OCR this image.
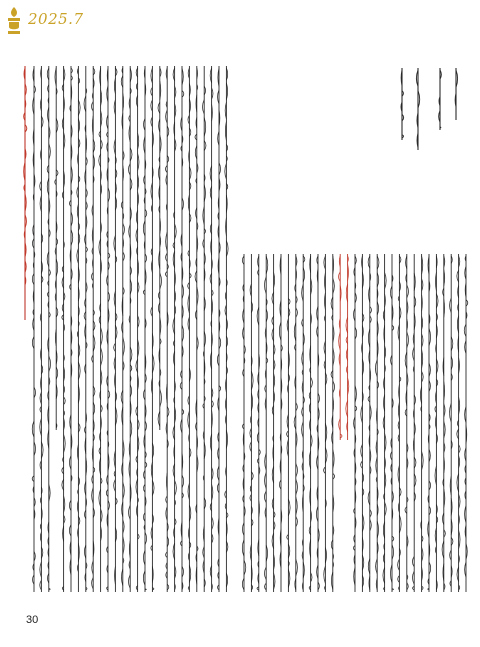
2025.7
30
